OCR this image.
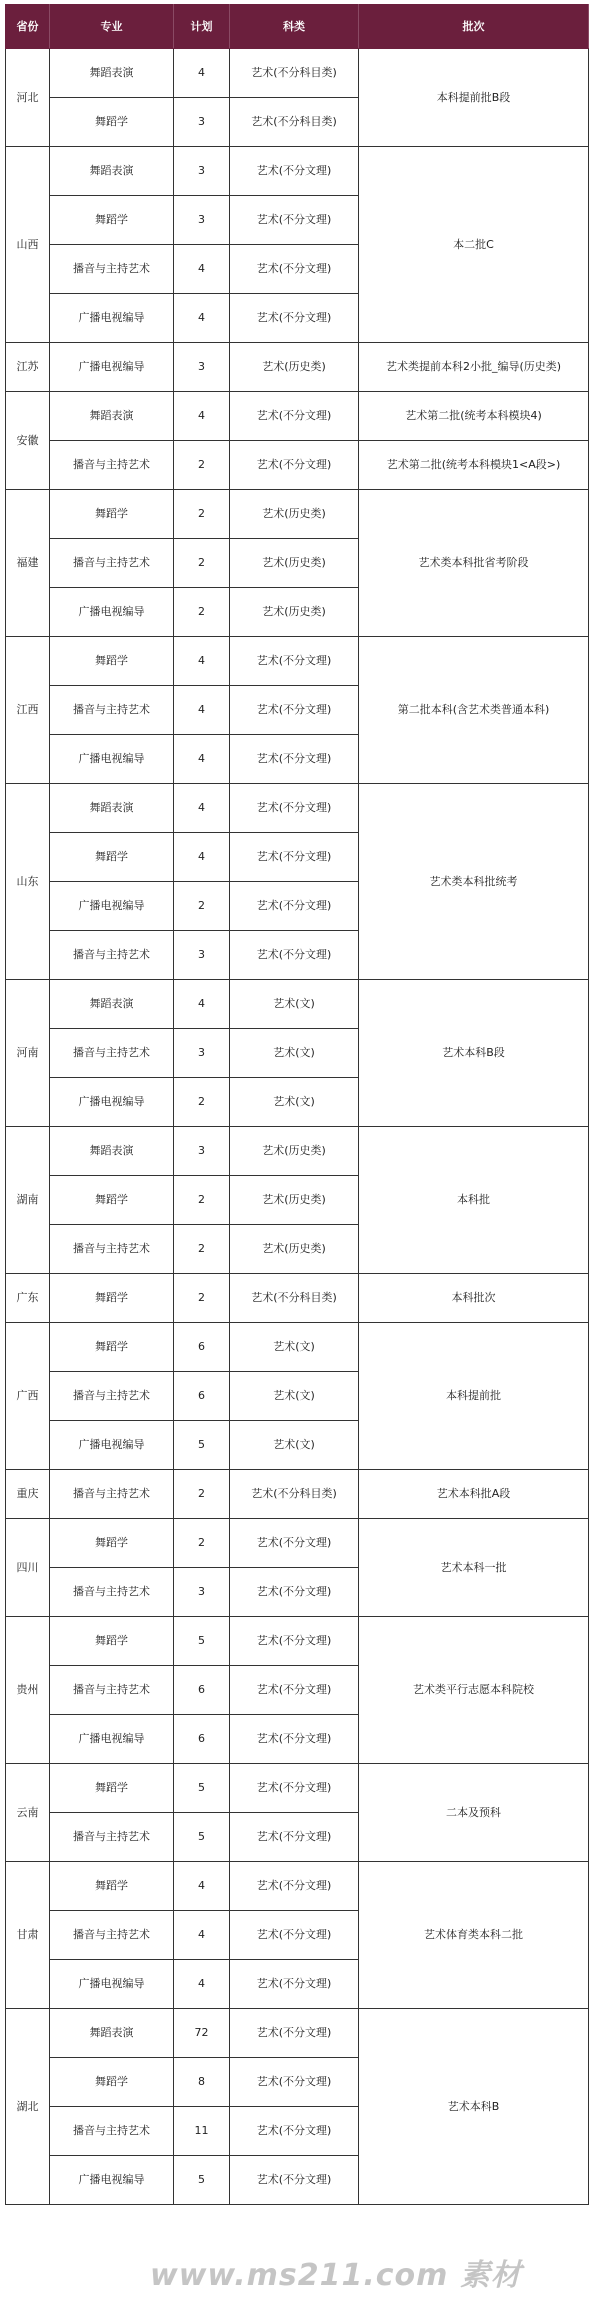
省份	专业	计划	科类	批次
河北	舞蹈表演	4	艺术(不分科目类)	本科提前批B段
	舞蹈学	3	艺术(不分科目类)	
山西	舞蹈表演	3	艺术(不分文理)	本二批C
	舞蹈学	3	艺术(不分文理)	
	播音与主持艺术	4	艺术(不分文理)	
	广播电视编导	4	艺术(不分文理)	
江苏	广播电视编导	3	艺术(历史类)	艺术类提前本科2小批_编导(历史类)
安徽	舞蹈表演	4	艺术(不分文理)	艺术第二批(统考本科模块4)
	播音与主持艺术	2	艺术(不分文理)	艺术第二批(统考本科模块1<A段>)
福建	舞蹈学	2	艺术(历史类)	艺术类本科批省考阶段
	播音与主持艺术	2	艺术(历史类)	
	广播电视编导	2	艺术(历史类)	
江西	舞蹈学	4	艺术(不分文理)	第二批本科(含艺术类普通本科)
	播音与主持艺术	4	艺术(不分文理)	
	广播电视编导	4	艺术(不分文理)	
山东	舞蹈表演	4	艺术(不分文理)	艺术类本科批统考
	舞蹈学	4	艺术(不分文理)	
	广播电视编导	2	艺术(不分文理)	
	播音与主持艺术	3	艺术(不分文理)	
河南	舞蹈表演	4	艺术(文)	艺术本科B段
	播音与主持艺术	3	艺术(文)	
	广播电视编导	2	艺术(文)	
湖南	舞蹈表演	3	艺术(历史类)	本科批
	舞蹈学	2	艺术(历史类)	
	播音与主持艺术	2	艺术(历史类)	
广东	舞蹈学	2	艺术(不分科目类)	本科批次
广西	舞蹈学	6	艺术(文)	本科提前批
	播音与主持艺术	6	艺术(文)	
	广播电视编导	5	艺术(文)	
重庆	播音与主持艺术	2	艺术(不分科目类)	艺术本科批A段
四川	舞蹈学	2	艺术(不分文理)	艺术本科一批
	播音与主持艺术	3	艺术(不分文理)	
贵州	舞蹈学	5	艺术(不分文理)	艺术类平行志愿本科院校
	播音与主持艺术	6	艺术(不分文理)	
	广播电视编导	6	艺术(不分文理)	
云南	舞蹈学	5	艺术(不分文理)	二本及预科
	播音与主持艺术	5	艺术(不分文理)	
甘肃	舞蹈学	4	艺术(不分文理)	艺术体育类本科二批
	播音与主持艺术	4	艺术(不分文理)	
	广播电视编导	4	艺术(不分文理)	
湖北	舞蹈表演	72	艺术(不分文理)	艺术本科B
	舞蹈学	8	艺术(不分文理)	
	播音与主持艺术	11	艺术(不分文理)	
	广播电视编导	5	艺术(不分文理)	
www.ms211.com 素材
